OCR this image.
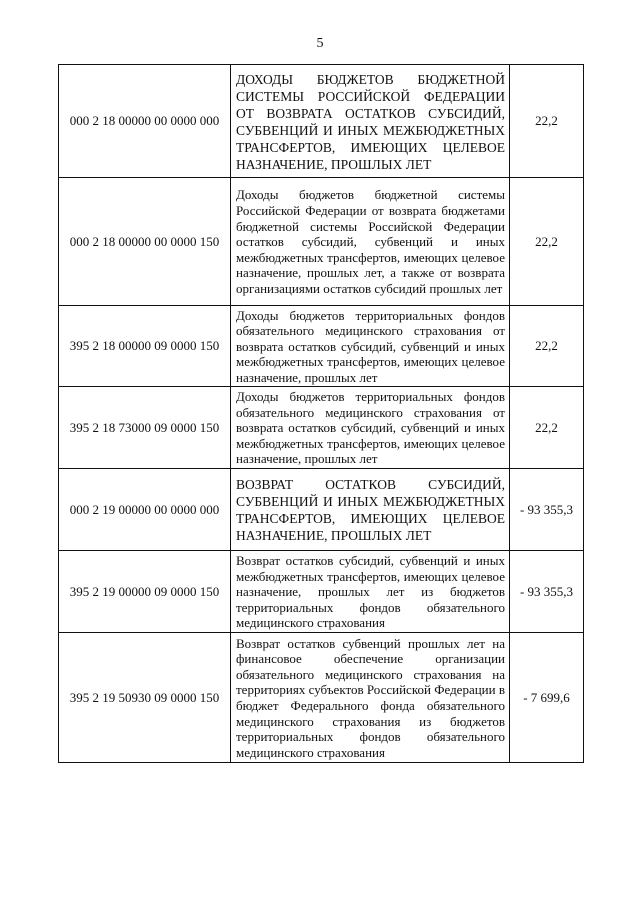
5
000 2 18 00000 00 0000 000	ДОХОДЫ БЮДЖЕТОВ БЮДЖЕТНОЙ СИСТЕМЫ РОССИЙСКОЙ ФЕДЕРАЦИИ ОТ ВОЗВРАТА ОСТАТКОВ СУБСИДИЙ, СУБВЕНЦИЙ И ИНЫХ МЕЖБЮДЖЕТНЫХ ТРАНСФЕРТОВ, ИМЕЮЩИХ ЦЕЛЕВОЕ НАЗНАЧЕНИЕ, ПРОШЛЫХ ЛЕТ	22,2
000 2 18 00000 00 0000 150	Доходы бюджетов бюджетной системы Российской Федерации от возврата бюджетами бюджетной системы Российской Федерации остатков субсидий, субвенций и иных межбюджетных трансфертов, имеющих целевое назначение, прошлых лет, а также от возврата организациями остатков субсидий прошлых лет	22,2
395 2 18 00000 09 0000 150	Доходы бюджетов территориальных фондов обязательного медицинского страхования от возврата остатков субсидий, субвенций и иных межбюджетных трансфертов, имеющих целевое назначение, прошлых лет	22,2
395 2 18 73000 09 0000 150	Доходы бюджетов территориальных фондов обязательного медицинского страхования от возврата остатков субсидий, субвенций и иных межбюджетных трансфертов, имеющих целевое назначение, прошлых лет	22,2
000 2 19 00000 00 0000 000	ВОЗВРАТ ОСТАТКОВ СУБСИДИЙ, СУБВЕНЦИЙ И ИНЫХ МЕЖБЮДЖЕТНЫХ ТРАНСФЕРТОВ, ИМЕЮЩИХ ЦЕЛЕВОЕ НАЗНАЧЕНИЕ, ПРОШЛЫХ ЛЕТ	- 93 355,3
395 2 19 00000 09 0000 150	Возврат остатков субсидий, субвенций и иных межбюджетных трансфертов, имеющих целевое назначение, прошлых лет из бюджетов территориальных фондов обязательного медицинского страхования	- 93 355,3
395 2 19 50930 09 0000 150	Возврат остатков субвенций прошлых лет на финансовое обеспечение организации обязательного медицинского страхования на территориях субъектов Российской Федерации в бюджет Федерального фонда обязательного медицинского страхования из бюджетов территориальных фондов обязательного медицинского страхования	- 7 699,6
